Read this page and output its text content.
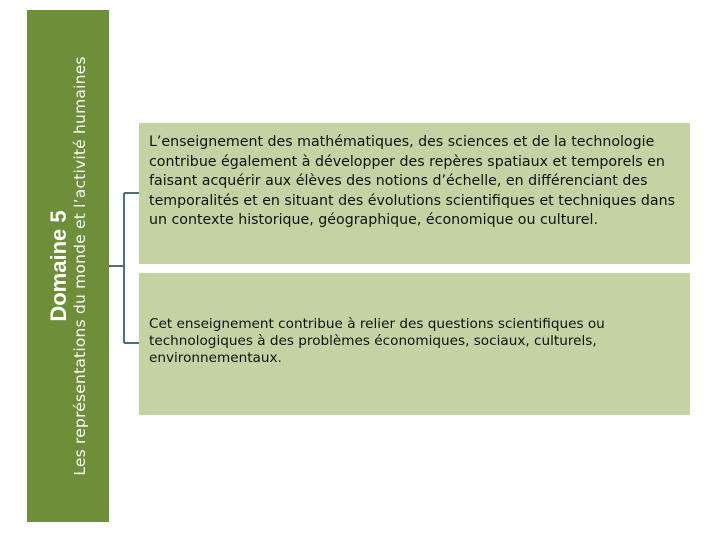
Domaine 5 Les représentations du monde et l’activité humaines	L’enseignement des mathématiques, des sciences et de la technologie contribue également à développer des repères spatiaux et temporels en faisant acquérir aux élèves des notions d’échelle, en différenciant des temporalités et en situant des évolutions scientifiques et techniques dans un contexte historique, géographique, économique ou culturel.
Cet enseignement contribue à relier des questions scientifiques ou technologiques à des problèmes économiques, sociaux, culturels, environnementaux.
